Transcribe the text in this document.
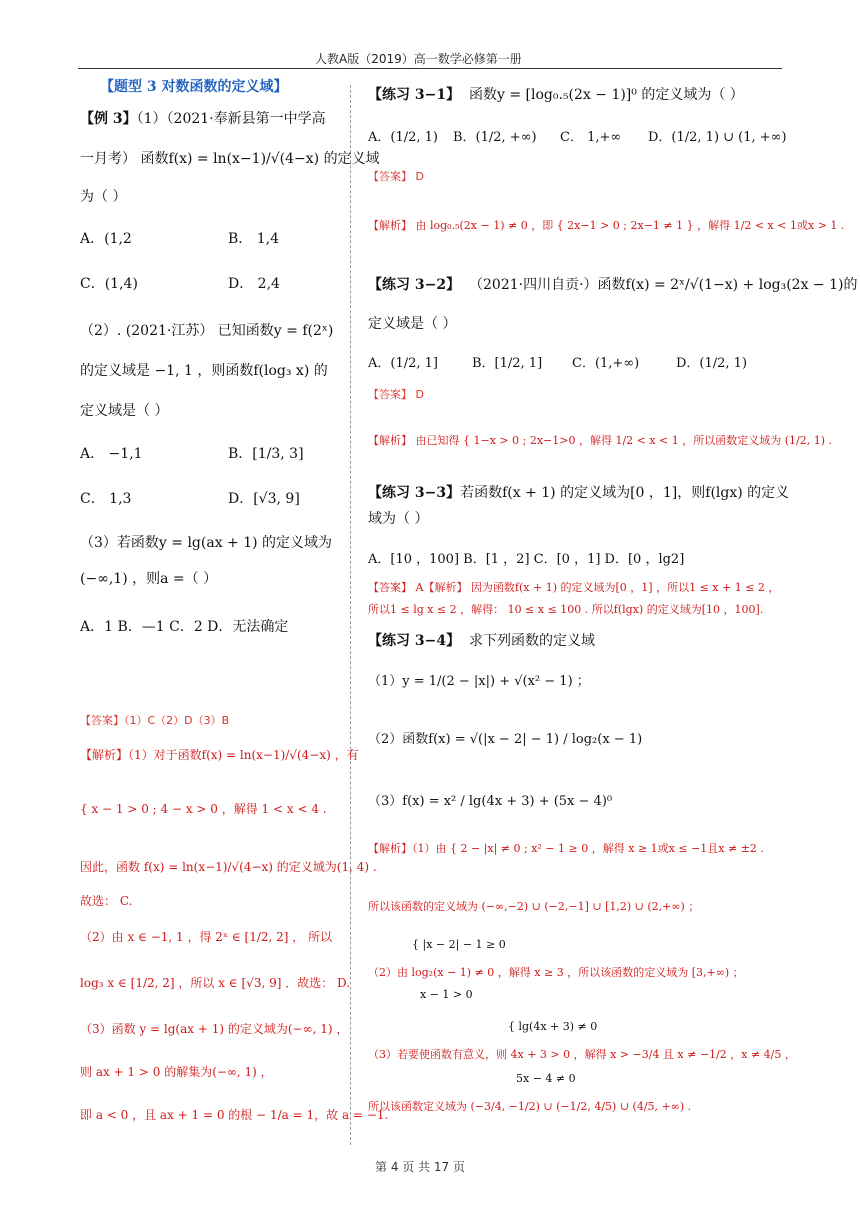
人教A版（2019）高一数学必修第一册
【题型 3 对数函数的定义域】
【例 3】（1）（2021·奉新县第一中学高
一月考） 函数f(x) = ln(x−1)/√(4−x) 的定义域
为（ ）
A．(1,2	B． 1,4
C．(1,4)	D． 2,4
（2）. (2021·江苏） 已知函数y = f(2ˣ)
的定义域是 −1, 1 ，则函数f(log₃ x) 的
定义域是（ ）
A． −1,1	B．[1/3, 3]
C． 1,3	D．[√3, 9]
（3）若函数y = lg(ax + 1) 的定义域为
(−∞,1) ，则a =（ ）
A．1 B．—1 C．2 D．无法确定
【答案】（1）C（2）D（3）B
【解析】（1）对于函数f(x) = ln(x−1)/√(4−x) ，有
{ x − 1 > 0 ; 4 − x > 0 ，解得 1 < x < 4 .
因此，函数 f(x) = ln(x−1)/√(4−x) 的定义域为(1, 4) .
故选： C.
（2）由 x ∈ −1, 1 ，得 2ˣ ∈ [1/2, 2] ， 所以
log₃ x ∈ [1/2, 2] ，所以 x ∈ [√3, 9] ．故选： D.
（3）函数 y = lg(ax + 1) 的定义域为(−∞, 1) ，
则 ax + 1 > 0 的解集为(−∞, 1) ，
即 a < 0 ，且 ax + 1 = 0 的根 − 1/a = 1，故 a = −1.
【练习 3−1】 函数y = [log₀.₅(2x − 1)]⁰ 的定义域为（ ）
A．(1/2, 1) B．(1/2, +∞) C． 1,+∞ D．(1/2, 1) ∪ (1, +∞)
【答案】 D
【解析】 由 log₀.₅(2x − 1) ≠ 0 ，即 { 2x−1 > 0 ; 2x−1 ≠ 1 } ，解得 1/2 < x < 1或x > 1 .
【练习 3−2】 （2021·四川自贡·）函数f(x) = 2ˣ/√(1−x) + log₃(2x − 1)的
定义域是（ ）
A．(1/2, 1]	B．[1/2, 1] C．(1,+∞)	D．(1/2, 1)
【答案】 D
【解析】 由已知得 { 1−x > 0 ; 2x−1>0 ，解得 1/2 < x < 1 ，所以函数定义域为 (1/2, 1) .
【练习 3−3】若函数f(x + 1) 的定义域为[0 ，1]，则f(lgx) 的定义
域为（ ）
A．[10 ，100] B．[1 ，2] C．[0 ，1] D．[0 ，lg2]
【答案】 A【解析】 因为函数f(x + 1) 的定义域为[0 ，1] ，所以1 ≤ x + 1 ≤ 2 ，
所以1 ≤ lg x ≤ 2 ，解得： 10 ≤ x ≤ 100 . 所以f(lgx) 的定义域为[10 ，100].
【练习 3−4】 求下列函数的定义域
（1）y = 1/(2 − |x|) + √(x² − 1) ；
（2）函数f(x) = √(|x − 2| − 1) / log₂(x − 1)
（3）f(x) = x² / lg(4x + 3) + (5x − 4)⁰
【解析】（1）由 { 2 − |x| ≠ 0 ; x² − 1 ≥ 0 ，解得 x ≥ 1或x ≤ −1且x ≠ ±2 .
所以该函数的定义域为 (−∞,−2) ∪ (−2,−1] ∪ [1,2) ∪ (2,+∞) ；
{ |x − 2| − 1 ≥ 0
（2）由 log₂(x − 1) ≠ 0 ，解得 x ≥ 3 ，所以该函数的定义域为 [3,+∞) ；
x − 1 > 0
{ lg(4x + 3) ≠ 0
（3）若要使函数有意义，则 4x + 3 > 0 ，解得 x > −3/4 且 x ≠ −1/2 ，x ≠ 4/5 ，
5x − 4 ≠ 0
所以该函数定义域为 (−3/4, −1/2) ∪ (−1/2, 4/5) ∪ (4/5, +∞) .
第 4 页 共 17 页
